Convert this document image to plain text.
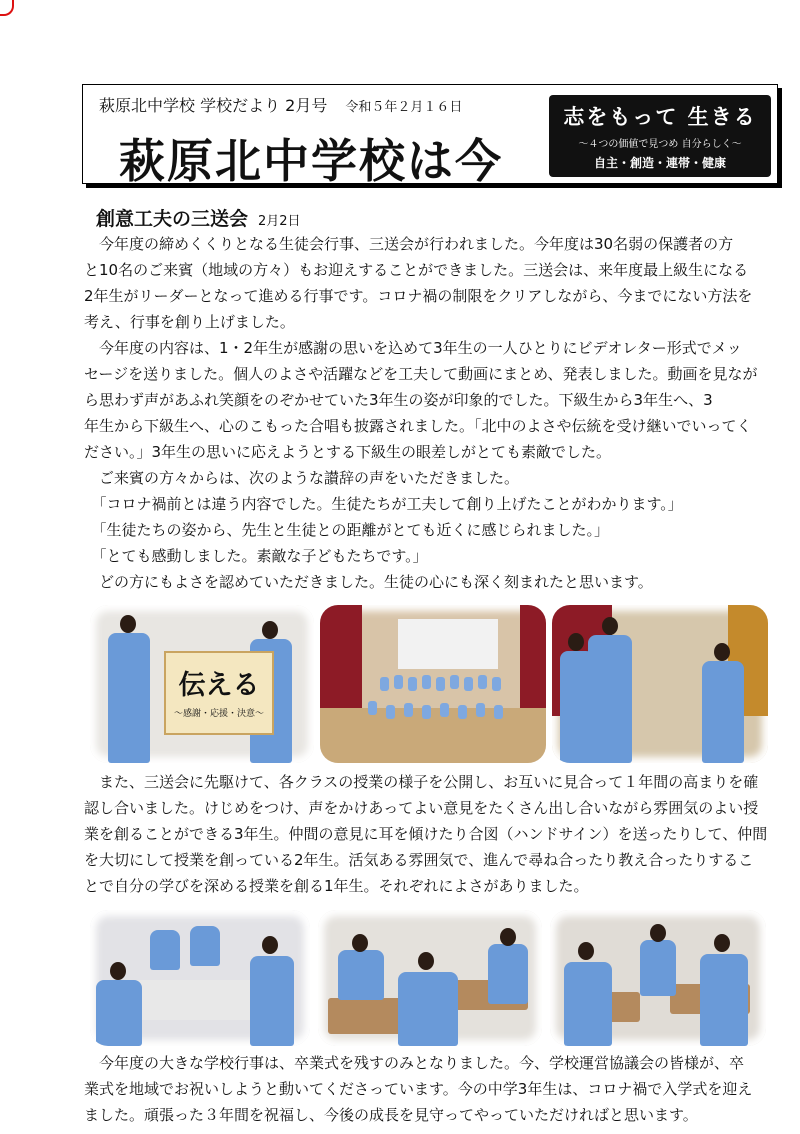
萩原北中学校 学校だより 2月号 令和５年２月１６日
萩原北中学校は今
志をもって 生きる
～４つの価値で見つめ 自分らしく～
自主・創造・連帯・健康
創意工夫の三送会 2月2日
　今年度の締めくくりとなる生徒会行事、三送会が行われました。今年度は30名弱の保護者の方
と10名のご来賓（地域の方々）もお迎えすることができました。三送会は、来年度最上級生になる
2年生がリーダーとなって進める行事です。コロナ禍の制限をクリアしながら、今までにない方法を
考え、行事を創り上げました。
　今年度の内容は、1・2年生が感謝の思いを込めて3年生の一人ひとりにビデオレター形式でメッ
セージを送りました。個人のよさや活躍などを工夫して動画にまとめ、発表しました。動画を見なが
ら思わず声があふれ笑顔をのぞかせていた3年生の姿が印象的でした。下級生から3年生へ、3
年生から下級生へ、心のこもった合唱も披露されました。「北中のよさや伝統を受け継いでいってく
ださい。」3年生の思いに応えようとする下級生の眼差しがとても素敵でした。
　ご来賓の方々からは、次のような讃辞の声をいただきました。
　「コロナ禍前とは違う内容でした。生徒たちが工夫して創り上げたことがわかります。」
　「生徒たちの姿から、先生と生徒との距離がとても近くに感じられました。」
　「とても感動しました。素敵な子どもたちです。」
　どの方にもよさを認めていただきました。生徒の心にも深く刻まれたと思います。
伝える
～感謝・応援・決意～
　また、三送会に先駆けて、各クラスの授業の様子を公開し、お互いに見合って１年間の高まりを確
認し合いました。けじめをつけ、声をかけあってよい意見をたくさん出し合いながら雰囲気のよい授
業を創ることができる3年生。仲間の意見に耳を傾けたり合図（ハンドサイン）を送ったりして、仲間
を大切にして授業を創っている2年生。活気ある雰囲気で、進んで尋ね合ったり教え合ったりするこ
とで自分の学びを深める授業を創る1年生。それぞれによさがありました。
　今年度の大きな学校行事は、卒業式を残すのみとなりました。今、学校運営協議会の皆様が、卒
業式を地域でお祝いしようと動いてくださっています。今の中学3年生は、コロナ禍で入学式を迎え
ました。頑張った３年間を祝福し、今後の成長を見守ってやっていただければと思います。
